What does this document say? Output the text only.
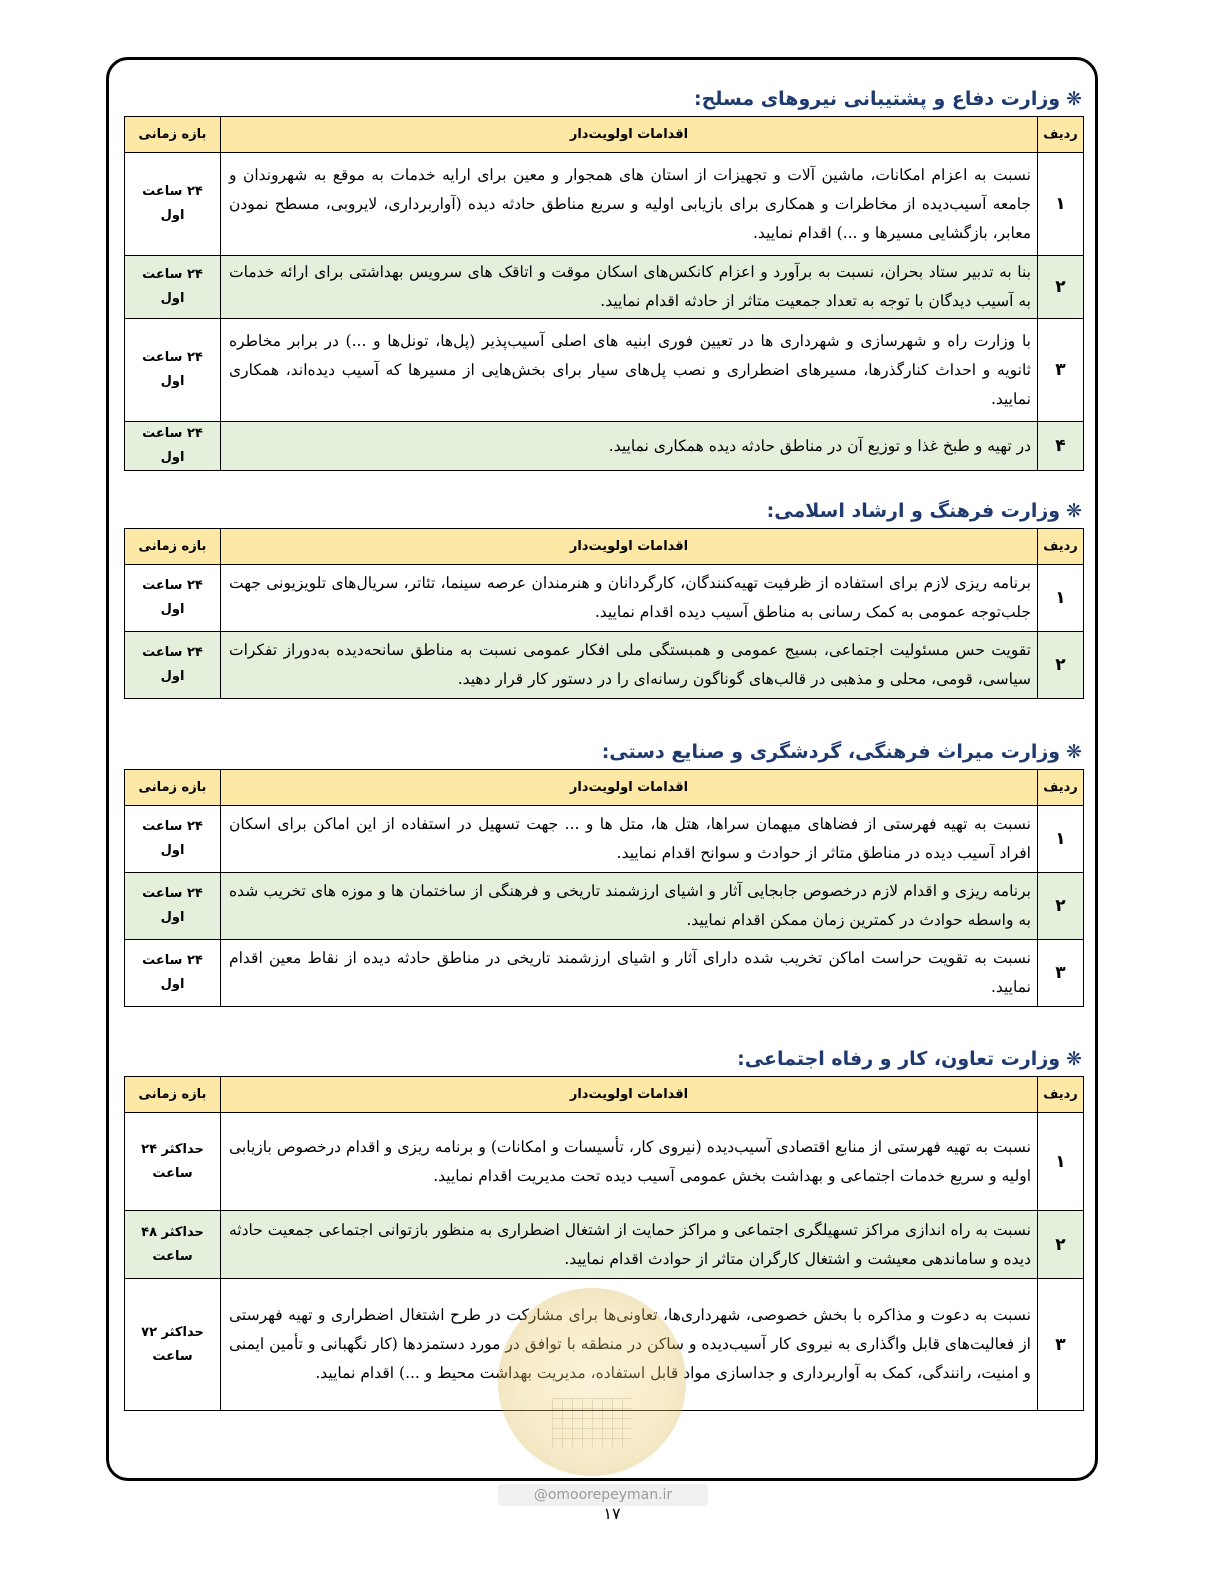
❋وزارت دفاع و پشتیبانی نیروهای مسلح:
ردیف	اقدامات اولویت‌دار	بازه زمانی
۱	نسبت به اعزام امکانات، ماشین آلات و تجهیزات از استان های همجوار و معین برای ارایه خدمات به موقع به شهروندان و جامعه آسیب‌دیده از مخاطرات و همکاری برای بازیابی اولیه و سریع مناطق حادثه دیده (آواربرداری، لایروبی، مسطح نمودن معابر، بازگشایی مسیرها و ...) اقدام نمایید.	۲۴ ساعت اول
۲	بنا به تدبیر ستاد بحران، نسبت به برآورد و اعزام کانکس‌های اسکان موقت و اتاقک های سرویس بهداشتی برای ارائه خدمات به آسیب دیدگان با توجه به تعداد جمعیت متاثر از حادثه اقدام نمایید.	۲۴ ساعت اول
۳	با وزارت راه و شهرسازی و شهرداری ها در تعیین فوری ابنیه های اصلی آسیب‌پذیر (پل‌ها، تونل‌ها و ...) در برابر مخاطره ثانویه و احداث کنارگذرها، مسیرهای اضطراری و نصب پل‌های سیار برای بخش‌هایی از مسیرها که آسیب دیده‌اند، همکاری نمایید.	۲۴ ساعت اول
۴	در تهیه و طبخ غذا و توزیع آن در مناطق حادثه دیده همکاری نمایید.	۲۴ ساعت اول
❋وزارت فرهنگ و ارشاد اسلامی:
ردیف	اقدامات اولویت‌دار	بازه زمانی
۱	برنامه ریزی لازم برای استفاده از ظرفیت تهیه‌کنندگان، کارگردانان و هنرمندان عرصه سینما، تئاتر، سریال‌های تلویزیونی جهت جلب‌توجه عمومی به کمک رسانی به مناطق آسیب دیده اقدام نمایید.	۲۴ ساعت اول
۲	تقویت حس مسئولیت اجتماعی، بسیج عمومی و همبستگی ملی افکار عمومی نسبت به مناطق سانحه‌دیده به‌دوراز تفکرات سیاسی، قومی، محلی و مذهبی در قالب‌های گوناگون رسانه‌ای را در دستور کار قرار دهید.	۲۴ ساعت اول
❋وزارت میراث فرهنگی، گردشگری و صنایع دستی:
ردیف	اقدامات اولویت‌دار	بازه زمانی
۱	نسبت به تهیه فهرستی از فضاهای میهمان سراها، هتل ها، متل ها و ... جهت تسهیل در استفاده از این اماکن برای اسکان افراد آسیب دیده در مناطق متاثر از حوادث و سوانح اقدام نمایید.	۲۴ ساعت اول
۲	برنامه ریزی و اقدام لازم درخصوص جابجایی آثار و اشیای ارزشمند تاریخی و فرهنگی از ساختمان ها و موزه های تخریب شده به واسطه حوادث در کمترین زمان ممکن اقدام نمایید.	۲۴ ساعت اول
۳	نسبت به تقویت حراست اماکن تخریب شده دارای آثار و اشیای ارزشمند تاریخی در مناطق حادثه دیده از نقاط معین اقدام نمایید.	۲۴ ساعت اول
❋وزارت تعاون، کار و رفاه اجتماعی:
ردیف	اقدامات اولویت‌دار	بازه زمانی
۱	نسبت به تهیه فهرستی از منابع اقتصادی آسیب‌دیده (نیروی کار، تأسیسات و امکانات) و برنامه ریزی و اقدام درخصوص بازیابی اولیه و سریع خدمات اجتماعی و بهداشت بخش عمومی آسیب دیده تحت مدیریت اقدام نمایید.	حداکثر ۲۴ ساعت
۲	نسبت به راه اندازی مراکز تسهیلگری اجتماعی و مراکز حمایت از اشتغال اضطراری به منظور بازتوانی اجتماعی جمعیت حادثه دیده و ساماندهی معیشت و اشتغال کارگران متاثر از حوادث اقدام نمایید.	حداکثر ۴۸ ساعت
۳	نسبت به دعوت و مذاکره با بخش خصوصی، شهرداری‌ها، تعاونی‌ها برای مشارکت در طرح اشتغال اضطراری و تهیه فهرستی از فعالیت‌های قابل واگذاری به نیروی کار آسیب‌دیده و ساکن در منطقه با توافق در مورد دستمزدها (کار نگهبانی و تأمین ایمنی و امنیت، رانندگی، کمک به آواربرداری و جداسازی مواد قابل استفاده، مدیریت بهداشت محیط و ...) اقدام نمایید.	حداکثر ۷۲ ساعت
@omoorepeyman.ir
۱۷
